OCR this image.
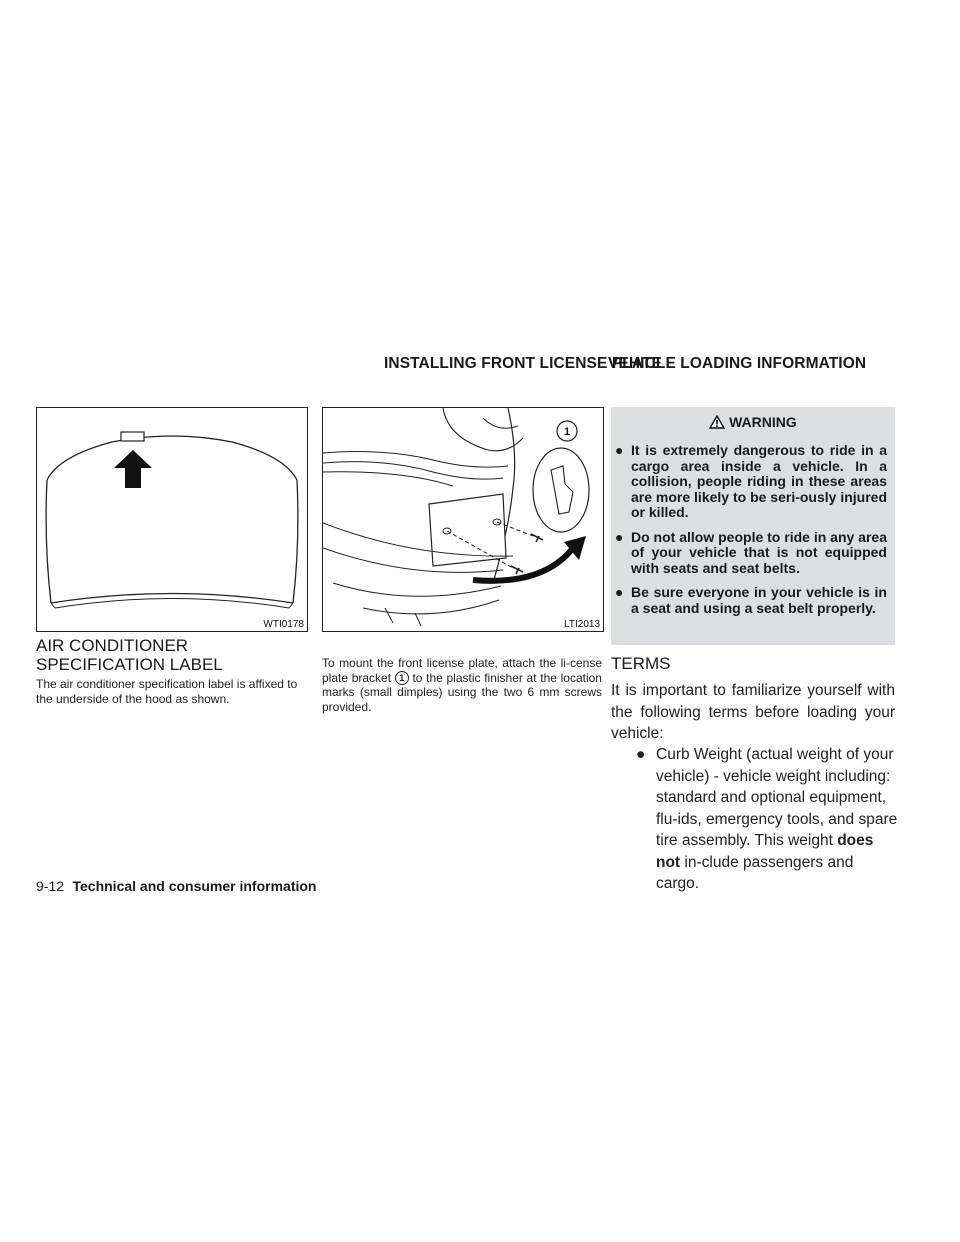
INSTALLING FRONT LICENSE PLATE
VEHICLE LOADING INFORMATION
WTI0178
1
LTI2013
AIR CONDITIONER SPECIFICATION LABEL
The air conditioner specification label is affixed to the underside of the hood as shown.
To mount the front license plate, attach the li-cense plate bracket 1 to the plastic finisher at the location marks (small dimples) using the two 6 mm screws provided.
WARNING
● It is extremely dangerous to ride in a cargo area inside a vehicle. In a collision, people riding in these areas are more likely to be seri-ously injured or killed.
● Do not allow people to ride in any area of your vehicle that is not equipped with seats and seat belts.
● Be sure everyone in your vehicle is in a seat and using a seat belt properly.
TERMS
It is important to familiarize yourself with the following terms before loading your vehicle:
● Curb Weight (actual weight of your vehicle) - vehicle weight including: standard and optional equipment, flu-ids, emergency tools, and spare tire assembly. This weight does not in-clude passengers and cargo.
9-12 Technical and consumer information
